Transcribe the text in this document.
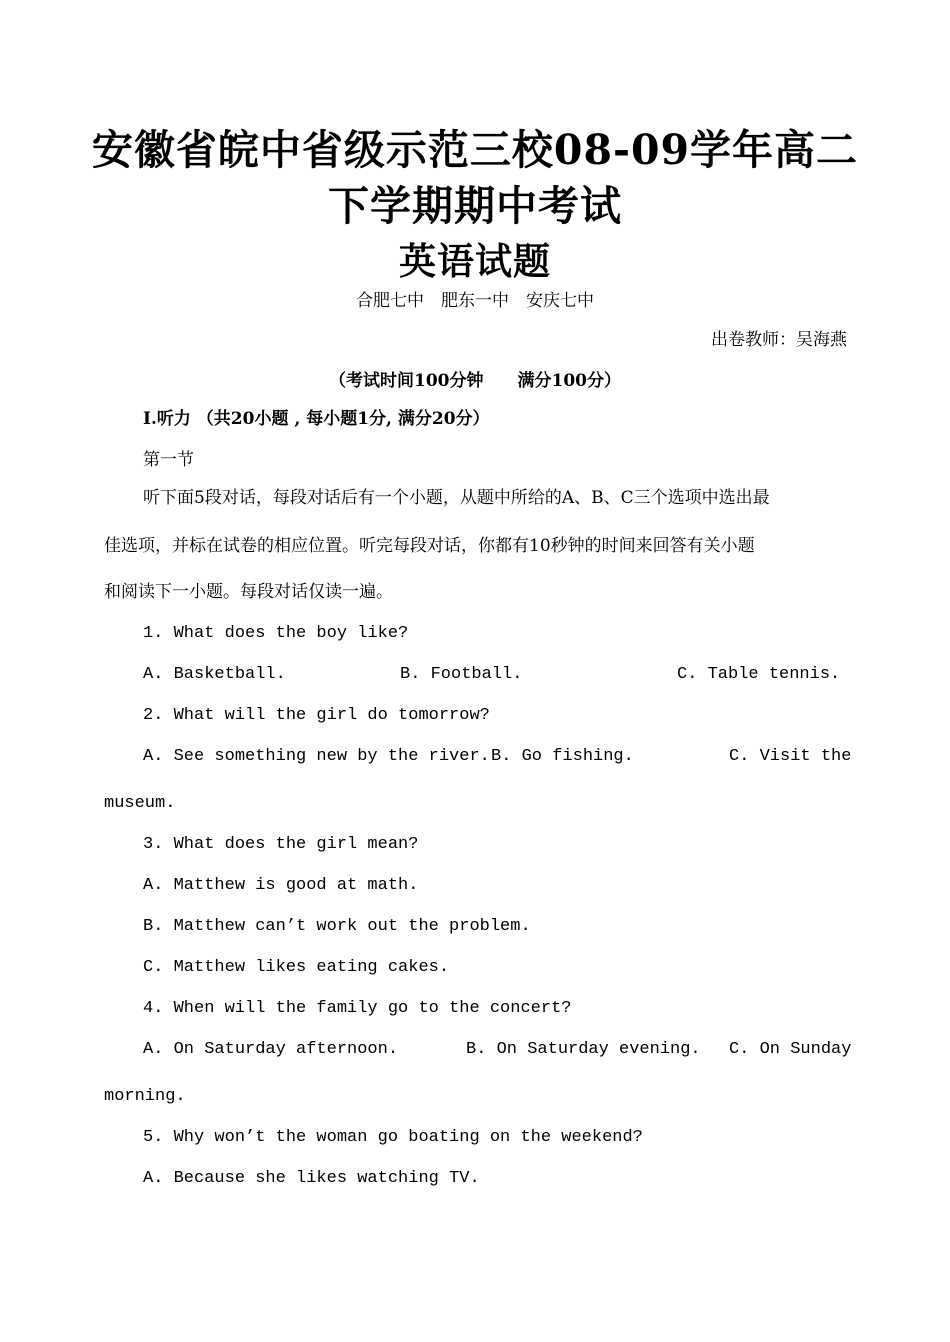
安徽省皖中省级示范三校08-09学年高二
下学期期中考试
英语试题
合肥七中　肥东一中　安庆七中
出卷教师：吴海燕
（考试时间100分钟　　满分100分）
I.听力 （共20小题 , 每小题1分, 满分20分）
第一节
听下面5段对话，每段对话后有一个小题，从题中所给的A、B、C三个选项中选出最
佳选项，并标在试卷的相应位置。听完每段对话，你都有10秒钟的时间来回答有关小题
和阅读下一小题。每段对话仅读一遍。
1. What does the boy like?
A. Basketball.	B. Football.	C. Table tennis.
2. What will the girl do tomorrow?
A. See something new by the river. B. Go fishing.	C. Visit the
museum.
3. What does the girl mean?
A. Matthew is good at math.
B. Matthew can’t work out the problem.
C. Matthew likes eating cakes.
4. When will the family go to the concert?
A. On Saturday afternoon.	B. On Saturday evening. C. On Sunday
morning.
5. Why won’t the woman go boating on the weekend?
A. Because she likes watching TV.
